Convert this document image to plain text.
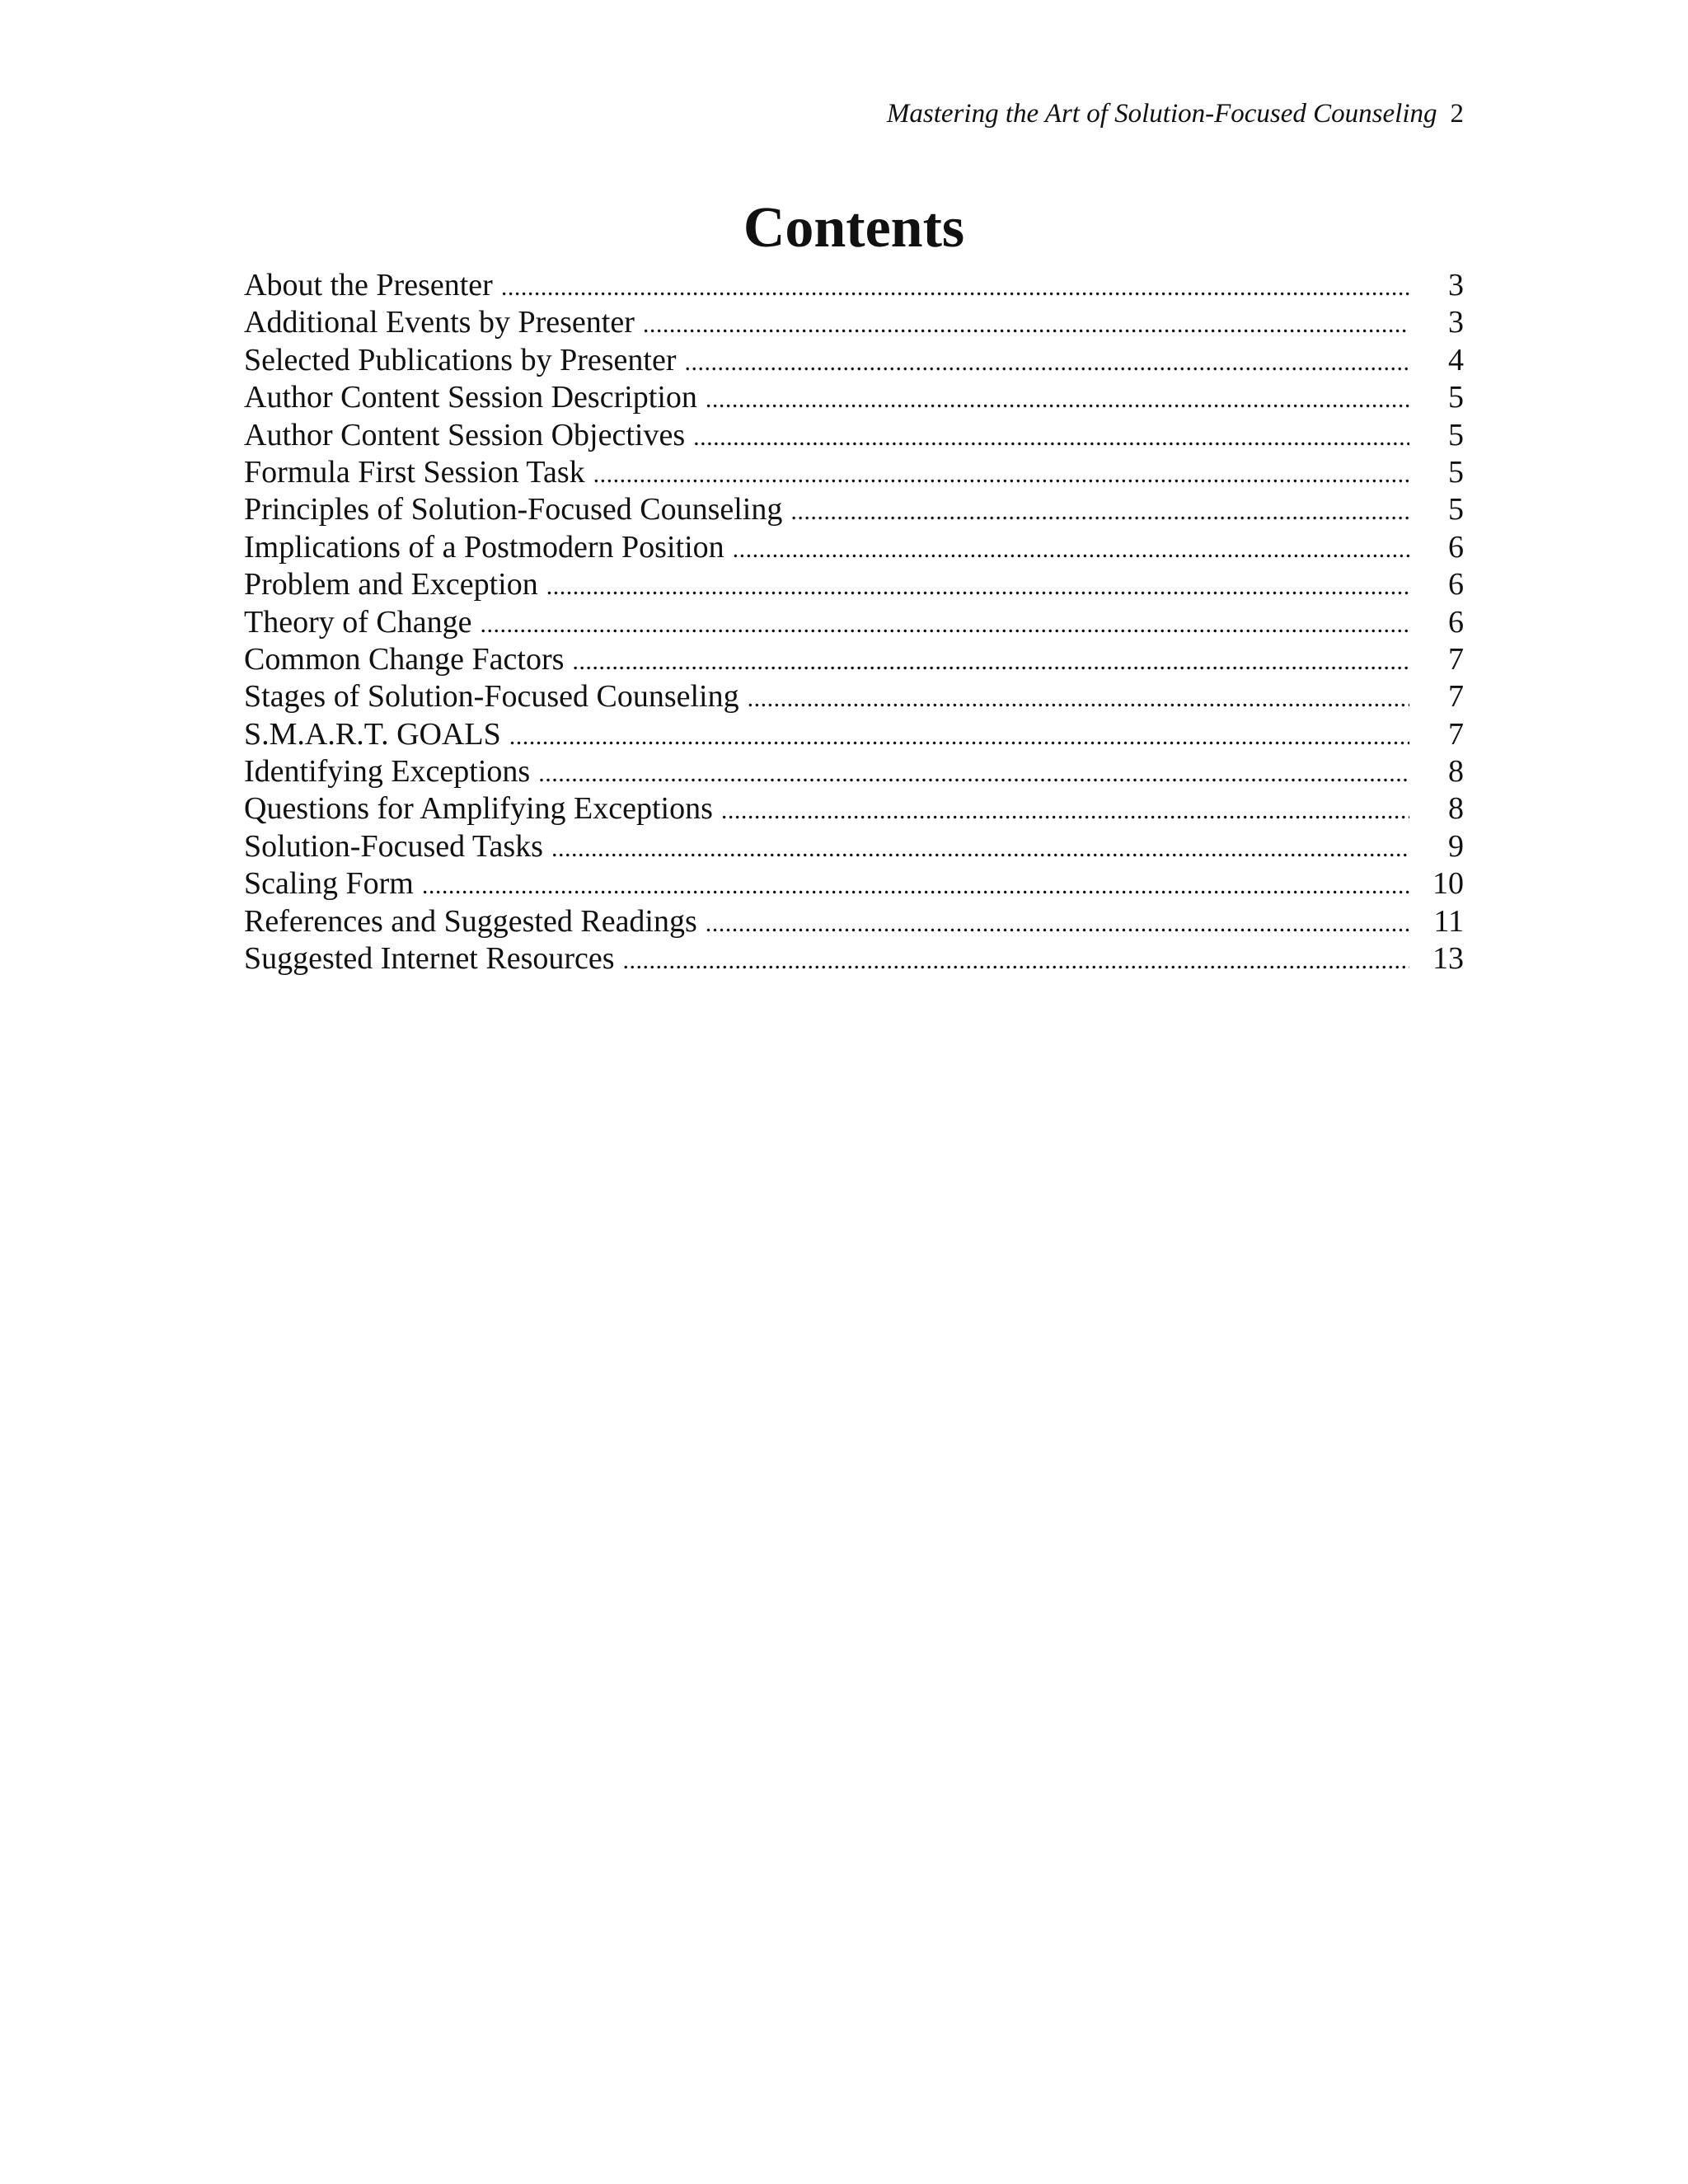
Mastering the Art of Solution-Focused Counseling 2
Contents
About the Presenter . . .	3
Additional Events by Presenter . . .	3
Selected Publications by Presenter . . .	4
Author Content Session Description . . .	5
Author Content Session Objectives . . .	5
Formula First Session Task . . .	5
Principles of Solution-Focused Counseling . . .	5
Implications of a Postmodern Position . . .	6
Problem and Exception . . .	6
Theory of Change . . .	6
Common Change Factors . . .	7
Stages of Solution-Focused Counseling . . .	7
S.M.A.R.T. GOALS . . .	7
Identifying Exceptions . . .	8
Questions for Amplifying Exceptions . . .	8
Solution-Focused Tasks . . .	9
Scaling Form . . .	10
References and Suggested Readings . . .	11
Suggested Internet Resources . . .	13
